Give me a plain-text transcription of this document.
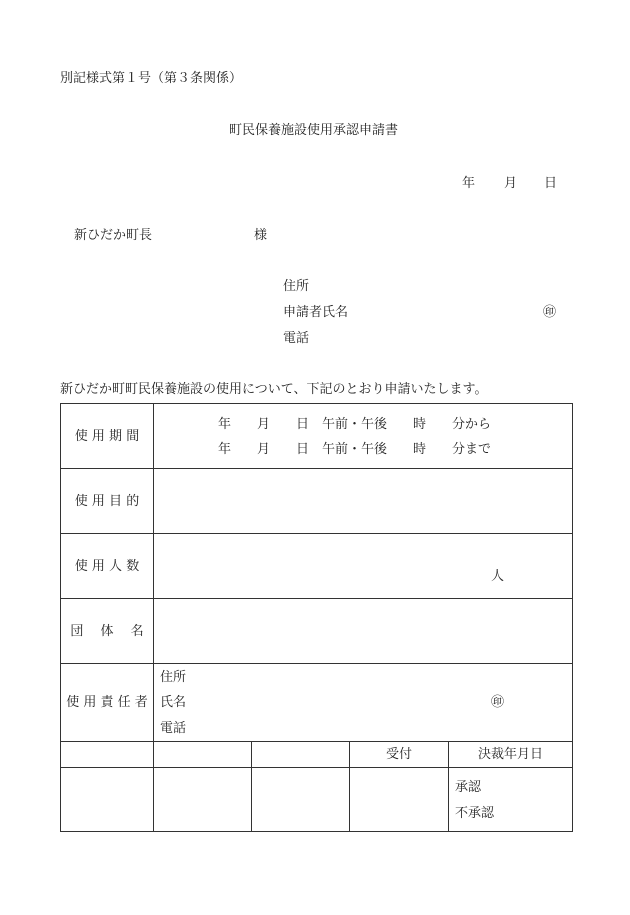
別記様式第１号（第３条関係）
町民保養施設使用承認申請書
年 月 日
新ひだか町長	様
住所
申請者氏名	㊞
電話
新ひだか町町民保養施設の使用について、下記のとおり申請いたします。
使 用 期 間	年　　月　　日　午前・午後　　時　　分から
年　　月　　日　午前・午後　　時　　分まで			

使 用 目 的				
使 用 人 数	人			

団　 体　 名				
使 用 責 任 者	住所
氏名 ㊞
電話			

			受付	決裁年月日

				承認
不承認
